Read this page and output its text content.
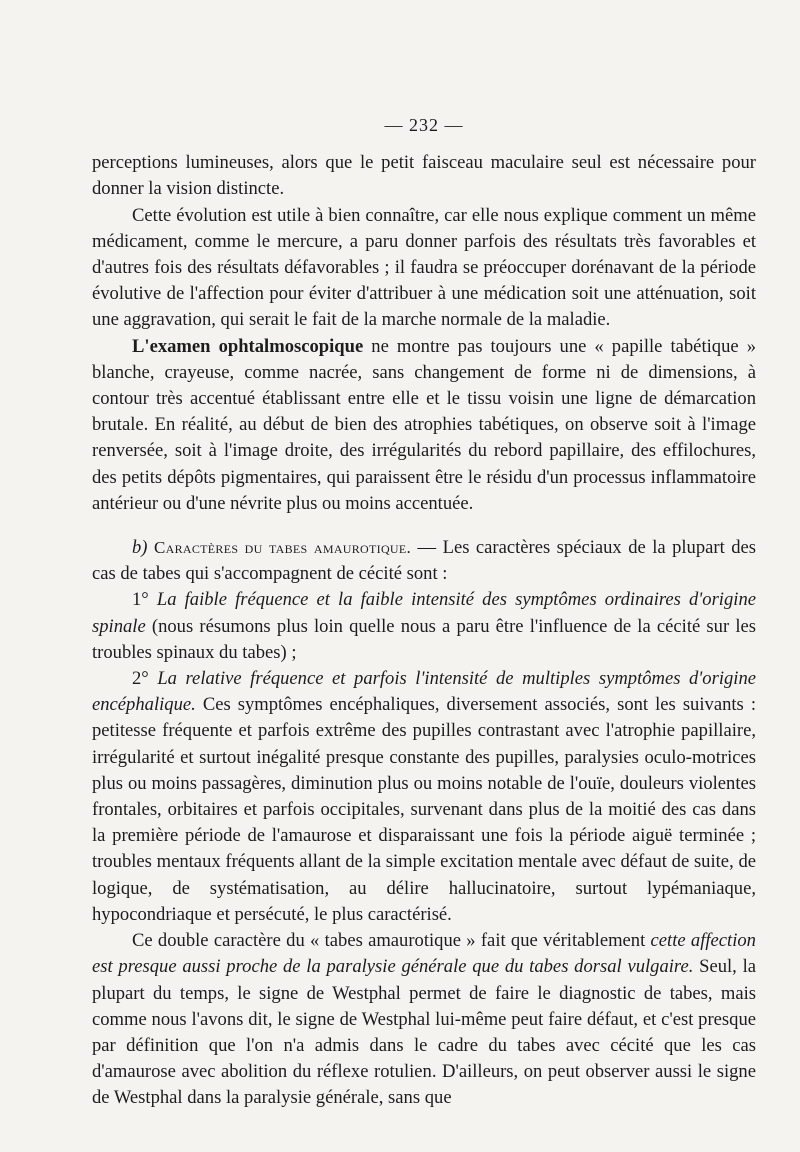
— 232 —

perceptions lumineuses, alors que le petit faisceau maculaire seul est nécessaire pour donner la vision distincte.

Cette évolution est utile à bien connaître, car elle nous explique comment un même médicament, comme le mercure, a paru donner parfois des résultats très favorables et d'autres fois des résultats défavorables ; il faudra se préoccuper dorénavant de la période évolutive de l'affection pour éviter d'attribuer à une médication soit une atténuation, soit une aggravation, qui serait le fait de la marche normale de la maladie.

L'examen ophtalmoscopique ne montre pas toujours une « papille tabétique » blanche, crayeuse, comme nacrée, sans changement de forme ni de dimensions, à contour très accentué établissant entre elle et le tissu voisin une ligne de démarcation brutale. En réalité, au début de bien des atrophies tabétiques, on observe soit à l'image renversée, soit à l'image droite, des irrégularités du rebord papillaire, des effilochures, des petits dépôts pigmentaires, qui paraissent être le résidu d'un processus inflammatoire antérieur ou d'une névrite plus ou moins accentuée.

b) Caractères du tabes amaurotique. — Les caractères spéciaux de la plupart des cas de tabes qui s'accompagnent de cécité sont :

1° La faible fréquence et la faible intensité des symptômes ordinaires d'origine spinale (nous résumons plus loin quelle nous a paru être l'influence de la cécité sur les troubles spinaux du tabes) ;

2° La relative fréquence et parfois l'intensité de multiples symptômes d'origine encéphalique. Ces symptômes encéphaliques, diversement associés, sont les suivants : petitesse fréquente et parfois extrême des pupilles contrastant avec l'atrophie papillaire, irrégularité et surtout inégalité presque constante des pupilles, paralysies oculo-motrices plus ou moins passagères, diminution plus ou moins notable de l'ouïe, douleurs violentes frontales, orbitaires et parfois occipitales, survenant dans plus de la moitié des cas dans la première période de l'amaurose et disparaissant une fois la période aiguë terminée ; troubles mentaux fréquents allant de la simple excitation mentale avec défaut de suite, de logique, de systématisation, au délire hallucinatoire, surtout lypémaniaque, hypocondriaque et persécuté, le plus caractérisé.

Ce double caractère du « tabes amaurotique » fait que véritablement cette affection est presque aussi proche de la paralysie générale que du tabes dorsal vulgaire. Seul, la plupart du temps, le signe de Westphal permet de faire le diagnostic de tabes, mais comme nous l'avons dit, le signe de Westphal lui-même peut faire défaut, et c'est presque par définition que l'on n'a admis dans le cadre du tabes avec cécité que les cas d'amaurose avec abolition du réflexe rotulien. D'ailleurs, on peut observer aussi le signe de Westphal dans la paralysie générale, sans que
